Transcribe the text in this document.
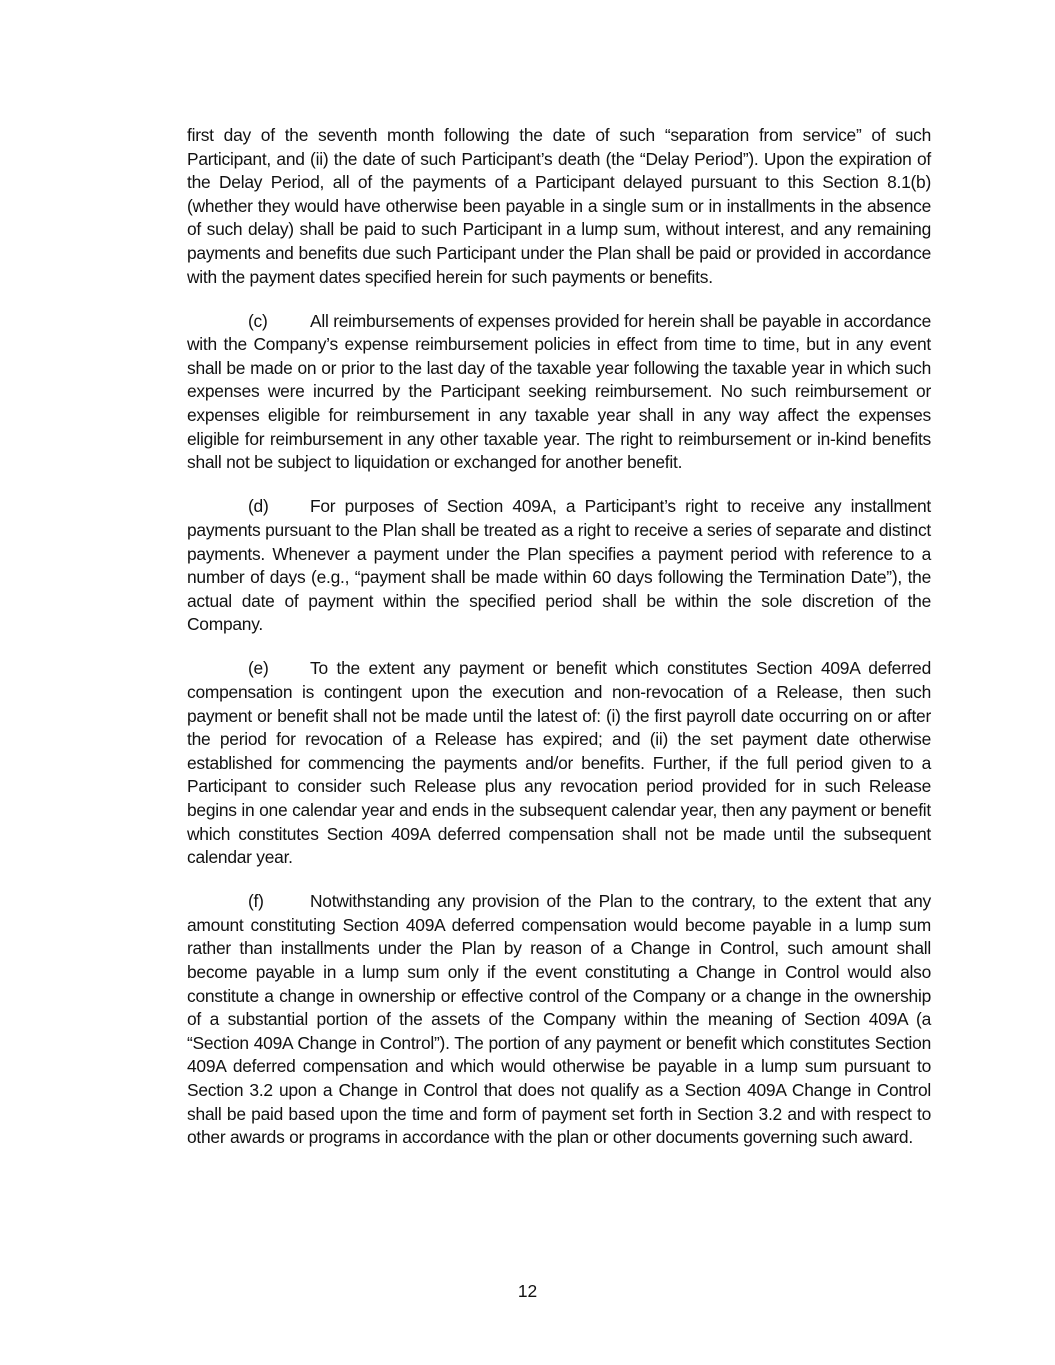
first day of the seventh month following the date of such “separation from service” of such Participant, and (ii) the date of such Participant’s death (the “Delay Period”). Upon the expiration of the Delay Period, all of the payments of a Participant delayed pursuant to this Section 8.1(b) (whether they would have otherwise been payable in a single sum or in installments in the absence of such delay) shall be paid to such Participant in a lump sum, without interest, and any remaining payments and benefits due such Participant under the Plan shall be paid or provided in accordance with the payment dates specified herein for such payments or benefits.

(c) All reimbursements of expenses provided for herein shall be payable in accordance with the Company’s expense reimbursement policies in effect from time to time, but in any event shall be made on or prior to the last day of the taxable year following the taxable year in which such expenses were incurred by the Participant seeking reimbursement. No such reimbursement or expenses eligible for reimbursement in any taxable year shall in any way affect the expenses eligible for reimbursement in any other taxable year. The right to reimbursement or in-kind benefits shall not be subject to liquidation or exchanged for another benefit.

(d) For purposes of Section 409A, a Participant’s right to receive any installment payments pursuant to the Plan shall be treated as a right to receive a series of separate and distinct payments. Whenever a payment under the Plan specifies a payment period with reference to a number of days (e.g., “payment shall be made within 60 days following the Termination Date”), the actual date of payment within the specified period shall be within the sole discretion of the Company.

(e) To the extent any payment or benefit which constitutes Section 409A deferred compensation is contingent upon the execution and non-revocation of a Release, then such payment or benefit shall not be made until the latest of: (i) the first payroll date occurring on or after the period for revocation of a Release has expired; and (ii) the set payment date otherwise established for commencing the payments and/or benefits. Further, if the full period given to a Participant to consider such Release plus any revocation period provided for in such Release begins in one calendar year and ends in the subsequent calendar year, then any payment or benefit which constitutes Section 409A deferred compensation shall not be made until the subsequent calendar year.

(f)	Notwithstanding any provision of the Plan to the contrary, to the extent that any amount constituting Section 409A deferred compensation would become payable in a lump sum rather than installments under the Plan by reason of a Change in Control, such amount shall become payable in a lump sum only if the event constituting a Change in Control would also constitute a change in ownership or effective control of the Company or a change in the ownership of a substantial portion of the assets of the Company within the meaning of Section 409A (a “Section 409A Change in Control”). The portion of any payment or benefit which constitutes Section 409A deferred compensation and which would otherwise be payable in a lump sum pursuant to Section 3.2 upon a Change in Control that does not qualify as a Section 409A Change in Control shall be paid based upon the time and form of payment set forth in Section 3.2 and with respect to other awards or programs in accordance with the plan or other documents governing such award.

12
